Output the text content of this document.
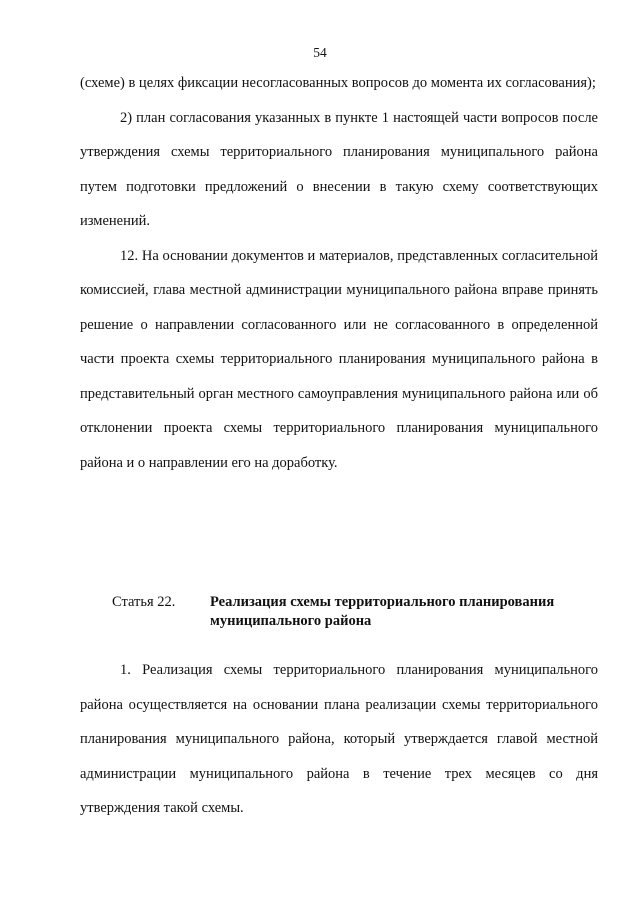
54

(схеме) в целях фиксации несогласованных вопросов до момента их согласования);

2) план согласования указанных в пункте 1 настоящей части вопросов после утверждения схемы территориального планирования муниципального района путем подготовки предложений о внесении в такую схему соответствующих изменений.

12. На основании документов и материалов, представленных согласительной комиссией, глава местной администрации муниципального района вправе принять решение о направлении согласованного или не согласованного в определенной части проекта схемы территориального планирования муниципального района в представительный орган местного самоуправления муниципального района или об отклонении проекта схемы территориального планирования муниципального района и о направлении его на доработку.

Статья 22.	Реализация схемы территориального планирования
муниципального района

1. Реализация схемы территориального планирования муниципального района осуществляется на основании плана реализации схемы территориального планирования муниципального района, который утверждается главой местной администрации муниципального района в течение трех месяцев со дня утверждения такой схемы.
